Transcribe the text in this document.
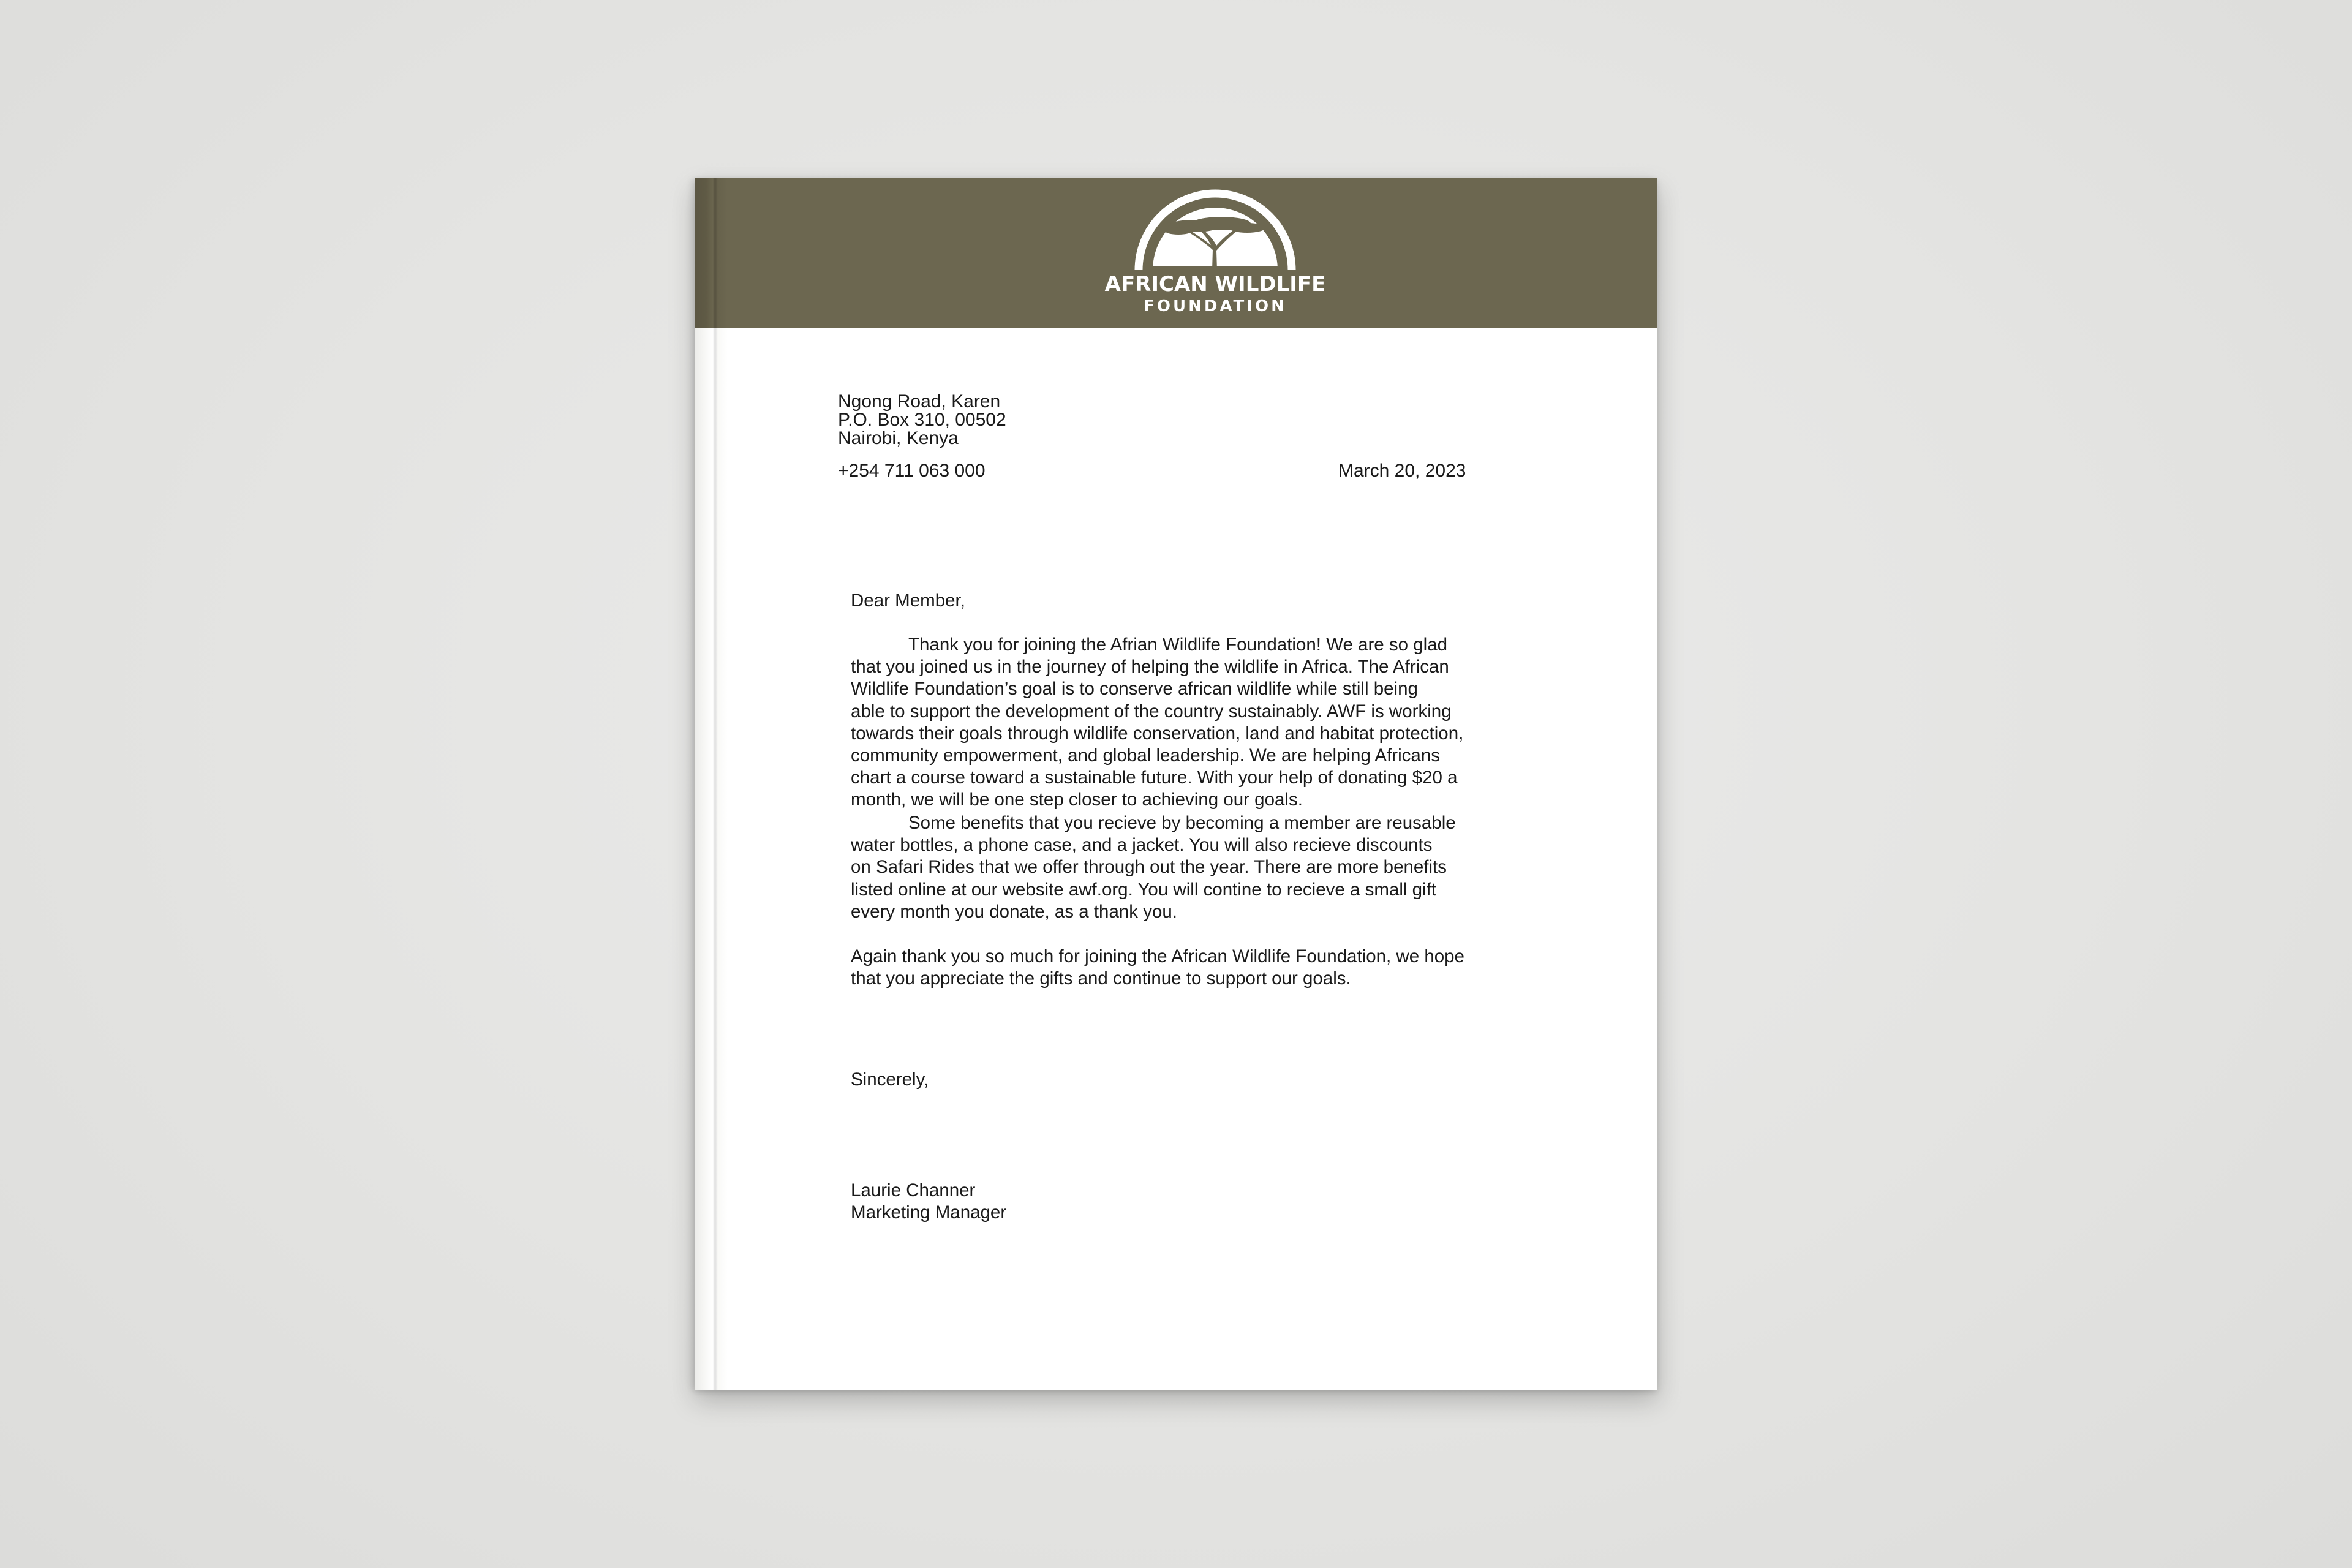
AFRICAN WILDLIFE
FOUNDATION
Ngong Road, Karen
P.O. Box 310, 00502
Nairobi, Kenya
+254 711 063 000	March 20, 2023
Dear Member,
Thank you for joining the Afrian Wildlife Foundation! We are so glad
that you joined us in the journey of helping the wildlife in Africa. The African
Wildlife Foundation’s goal is to conserve african wildlife while still being
able to support the development of the country sustainably. AWF is working
towards their goals through wildlife conservation, land and habitat protection,
community empowerment, and global leadership. We are helping Africans
chart a course toward a sustainable future. With your help of donating $20 a
month, we will be one step closer to achieving our goals.
Some benefits that you recieve by becoming a member are reusable
water bottles, a phone case, and a jacket. You will also recieve discounts
on Safari Rides that we offer through out the year. There are more benefits
listed online at our website awf.org. You will contine to recieve a small gift
every month you donate, as a thank you.
Again thank you so much for joining the African Wildlife Foundation, we hope
that you appreciate the gifts and continue to support our goals.
Sincerely,
Laurie Channer
Marketing Manager
